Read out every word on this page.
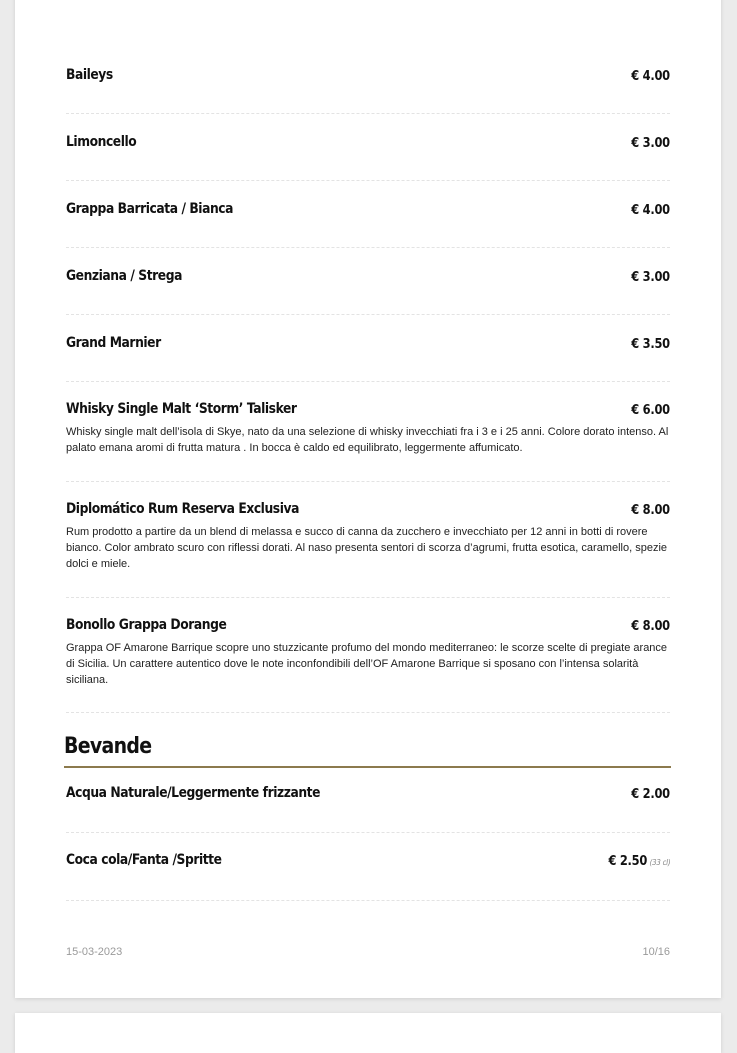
Baileys	€ 4.00
Limoncello	€ 3.00
Grappa Barricata / Bianca	€ 4.00
Genziana / Strega	€ 3.00
Grand Marnier	€ 3.50
Whisky Single Malt ‘Storm’ Talisker	€ 6.00
Whisky single malt dell’isola di Skye, nato da una selezione di whisky invecchiati fra i 3 e i 25 anni. Colore dorato intenso. Al palato emana aromi di frutta matura . In bocca è caldo ed equilibrato, leggermente affumicato.
Diplomático Rum Reserva Exclusiva	€ 8.00
Rum prodotto a partire da un blend di melassa e succo di canna da zucchero e invecchiato per 12 anni in botti di rovere bianco. Color ambrato scuro con riflessi dorati. Al naso presenta sentori di scorza d’agrumi, frutta esotica, caramello, spezie dolci e miele.
Bonollo Grappa Dorange	€ 8.00
Grappa OF Amarone Barrique scopre uno stuzzicante profumo del mondo mediterraneo: le scorze scelte di pregiate arance di Sicilia. Un carattere autentico dove le note inconfondibili dell’OF Amarone Barrique si sposano con l’intensa solarità siciliana.
Bevande
Acqua Naturale/Leggermente frizzante	€ 2.00
Coca cola/Fanta /Spritte	€ 2.50 (33 cl)
15-03-2023	10/16
